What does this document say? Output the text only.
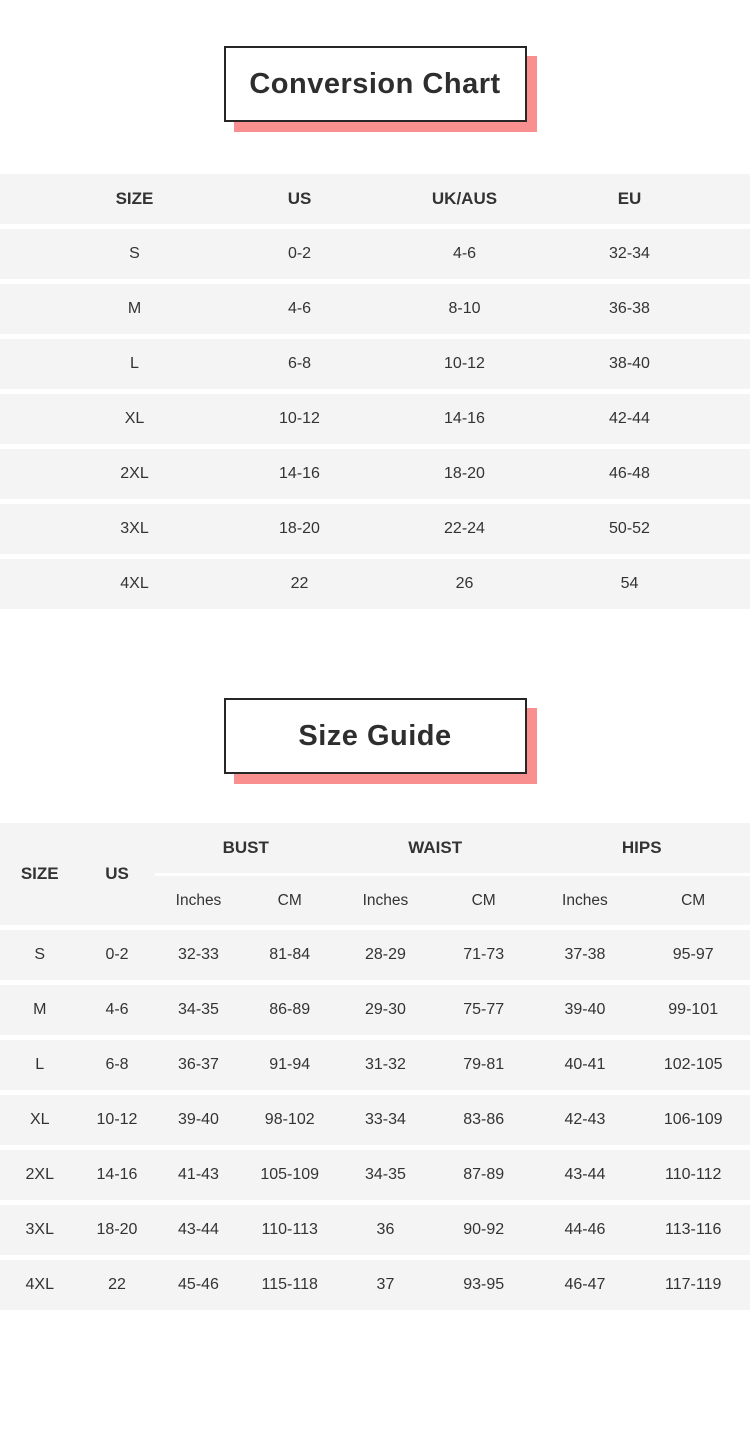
Conversion Chart
SIZE	US	UK/AUS	EU
S	0-2	4-6	32-34
M	4-6	8-10	36-38
L	6-8	10-12	38-40
XL	10-12	14-16	42-44
2XL	14-16	18-20	46-48
3XL	18-20	22-24	50-52
4XL	22	26	54
Size Guide
SIZE	US
BUST	WAIST	HIPS
Inches	CM	Inches	CM	Inches	CM
S	0-2	32-33	81-84	28-29	71-73	37-38	95-97
M	4-6	34-35	86-89	29-30	75-77	39-40	99-101
L	6-8	36-37	91-94	31-32	79-81	40-41	102-105
XL	10-12	39-40	98-102	33-34	83-86	42-43	106-109
2XL	14-16	41-43	105-109	34-35	87-89	43-44	110-112
3XL	18-20	43-44	110-113	36	90-92	44-46	113-116
4XL	22	45-46	115-118	37	93-95	46-47	117-119
